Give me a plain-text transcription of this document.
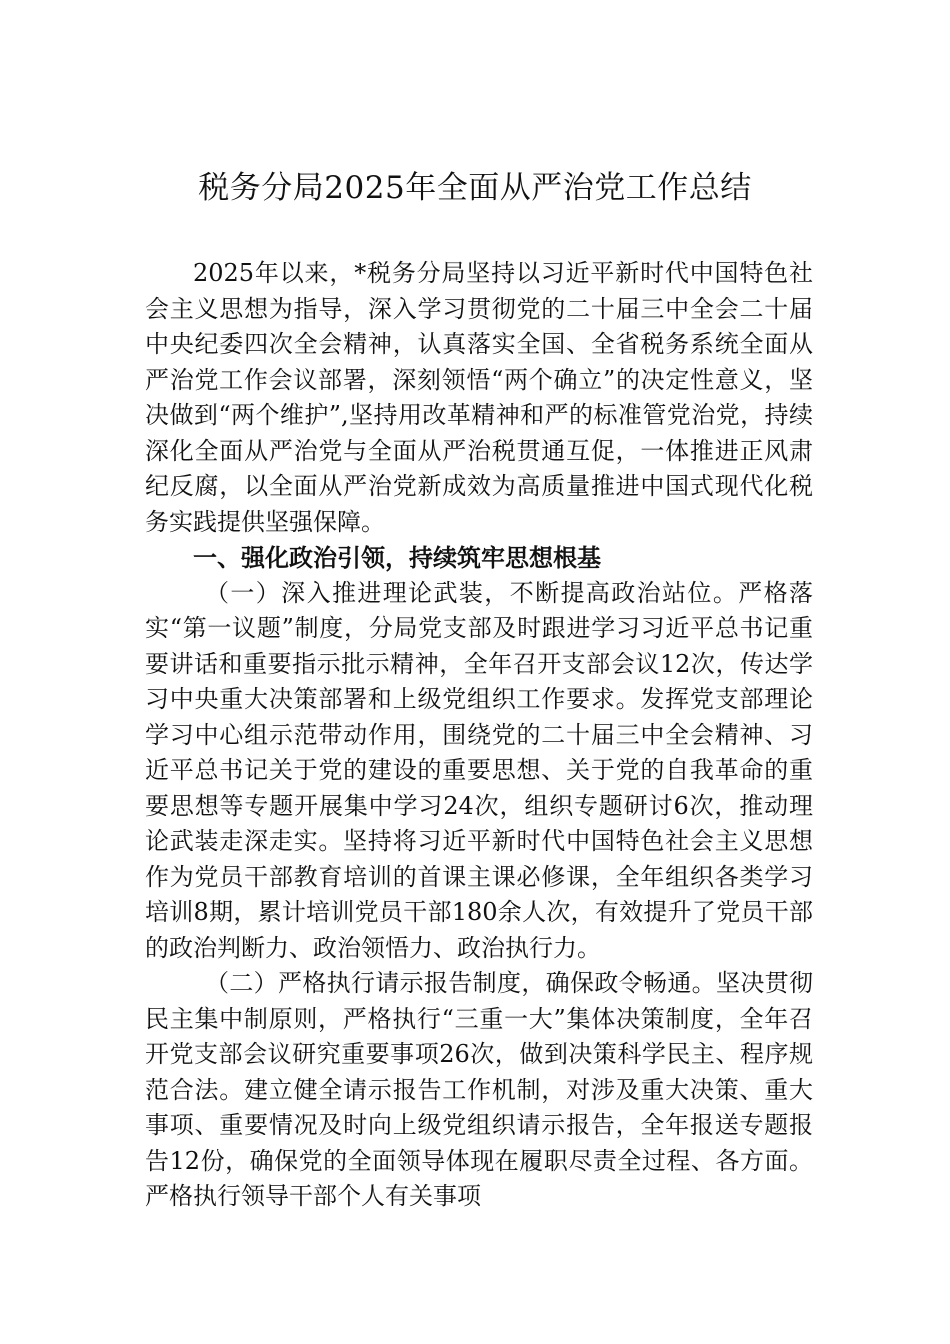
税务分局2025年全面从严治党工作总结

2025年以来，*税务分局坚持以习近平新时代中国特色社会主义思想为指导，深入学习贯彻党的二十届三中全会二十届中央纪委四次全会精神，认真落实全国、全省税务系统全面从严治党工作会议部署，深刻领悟“两个确立”的决定性意义，坚决做到“两个维护”,坚持用改革精神和严的标准管党治党，持续深化全面从严治党与全面从严治税贯通互促，一体推进正风肃纪反腐，以全面从严治党新成效为高质量推进中国式现代化税务实践提供坚强保障。

一、强化政治引领，持续筑牢思想根基

（一）深入推进理论武装，不断提高政治站位。严格落实“第一议题”制度，分局党支部及时跟进学习习近平总书记重要讲话和重要指示批示精神，全年召开支部会议12次，传达学习中央重大决策部署和上级党组织工作要求。发挥党支部理论学习中心组示范带动作用，围绕党的二十届三中全会精神、习近平总书记关于党的建设的重要思想、关于党的自我革命的重要思想等专题开展集中学习24次，组织专题研讨6次，推动理论武装走深走实。坚持将习近平新时代中国特色社会主义思想作为党员干部教育培训的首课主课必修课，全年组织各类学习培训8期，累计培训党员干部180余人次，有效提升了党员干部的政治判断力、政治领悟力、政治执行力。

（二）严格执行请示报告制度，确保政令畅通。坚决贯彻民主集中制原则，严格执行“三重一大”集体决策制度，全年召开党支部会议研究重要事项26次，做到决策科学民主、程序规范合法。建立健全请示报告工作机制，对涉及重大决策、重大事项、重要情况及时向上级党组织请示报告，全年报送专题报告12份，确保党的全面领导体现在履职尽责全过程、各方面。严格执行领导干部个人有关事项
